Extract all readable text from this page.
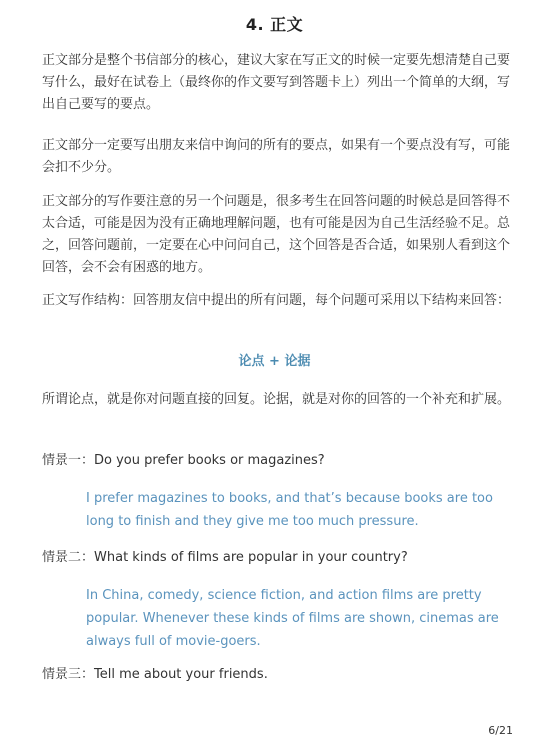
4. 正文

正文部分是整个书信部分的核心，建议大家在写正文的时候一定要先想清楚自己要写什么，最好在试卷上（最终你的作文要写到答题卡上）列出一个简单的大纲，写出自己要写的要点。

正文部分一定要写出朋友来信中询问的所有的要点，如果有一个要点没有写，可能会扣不少分。

正文部分的写作要注意的另一个问题是，很多考生在回答问题的时候总是回答得不太合适，可能是因为没有正确地理解问题，也有可能是因为自己生活经验不足。总之，回答问题前，一定要在心中问问自己，这个回答是否合适，如果别人看到这个回答，会不会有困惑的地方。

正文写作结构：回答朋友信中提出的所有问题，每个问题可采用以下结构来回答：

论点 + 论据

所谓论点，就是你对问题直接的回复。论据，就是对你的回答的一个补充和扩展。

情景一：Do you prefer books or magazines?
I prefer magazines to books, and that’s because books are too long to finish and they give me too much pressure.
情景二：What kinds of films are popular in your country?
In China, comedy, science fiction, and action films are pretty popular. Whenever these kinds of films are shown, cinemas are always full of movie-goers.
情景三：Tell me about your friends.
6/21
